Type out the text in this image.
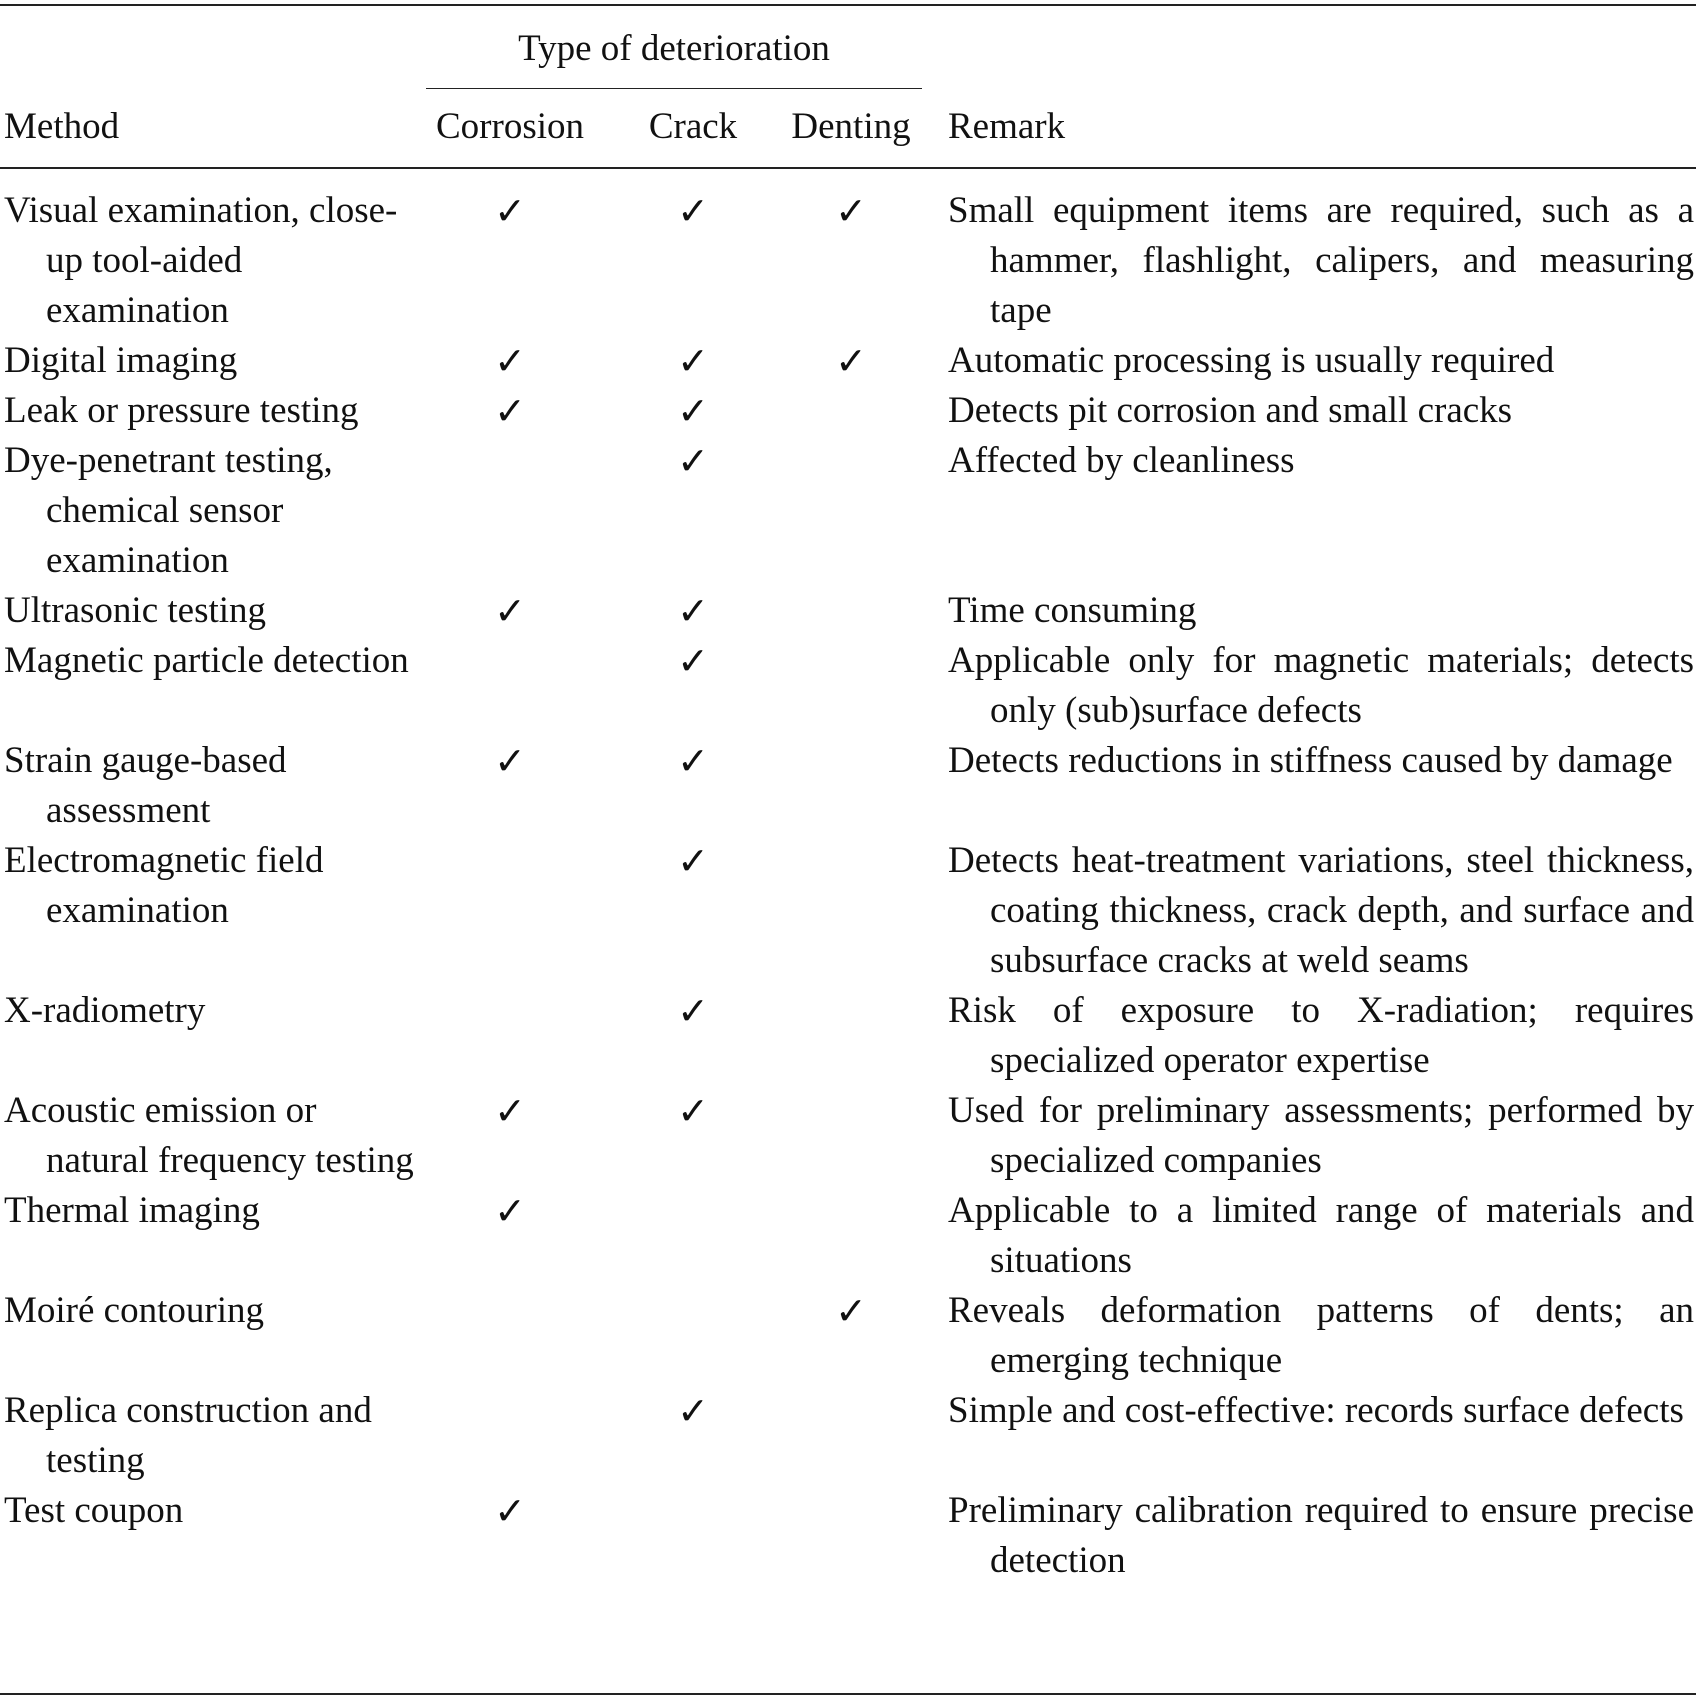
Type of deterioration
Method	Corrosion	Crack	Denting	Remark
Visual examination, close-up tool-aided examination	✓		✓		✓		Small equipment items are required, such as a hammer, flashlight, calipers, and measuring tape
Digital imaging	✓		✓		✓		Automatic processing is usually required
Leak or pressure testing	✓		✓				Detects pit corrosion and small cracks
Dye-penetrant testing, chemical sensor examination			✓				Affected by cleanliness
Ultrasonic testing	✓		✓				Time consuming
Magnetic particle detection			✓				Applicable only for magnetic materials; detects only (sub)surface defects
Strain gauge-based assessment	✓		✓				Detects reductions in stiffness caused by damage
Electromagnetic field examination			✓				Detects heat-treatment variations, steel thickness, coating thickness, crack depth, and surface and subsurface cracks at weld seams
X-radiometry			✓				Risk of exposure to X-radiation; requires specialized operator expertise
Acoustic emission or natural frequency testing	✓		✓				Used for preliminary assessments; performed by specialized companies
Thermal imaging	✓						Applicable to a limited range of materials and situations
Moiré contouring					✓		Reveals deformation patterns of dents; an emerging technique
Replica construction and testing			✓				Simple and cost-effective: records surface defects
Test coupon	✓						Preliminary calibration required to ensure precise detection
